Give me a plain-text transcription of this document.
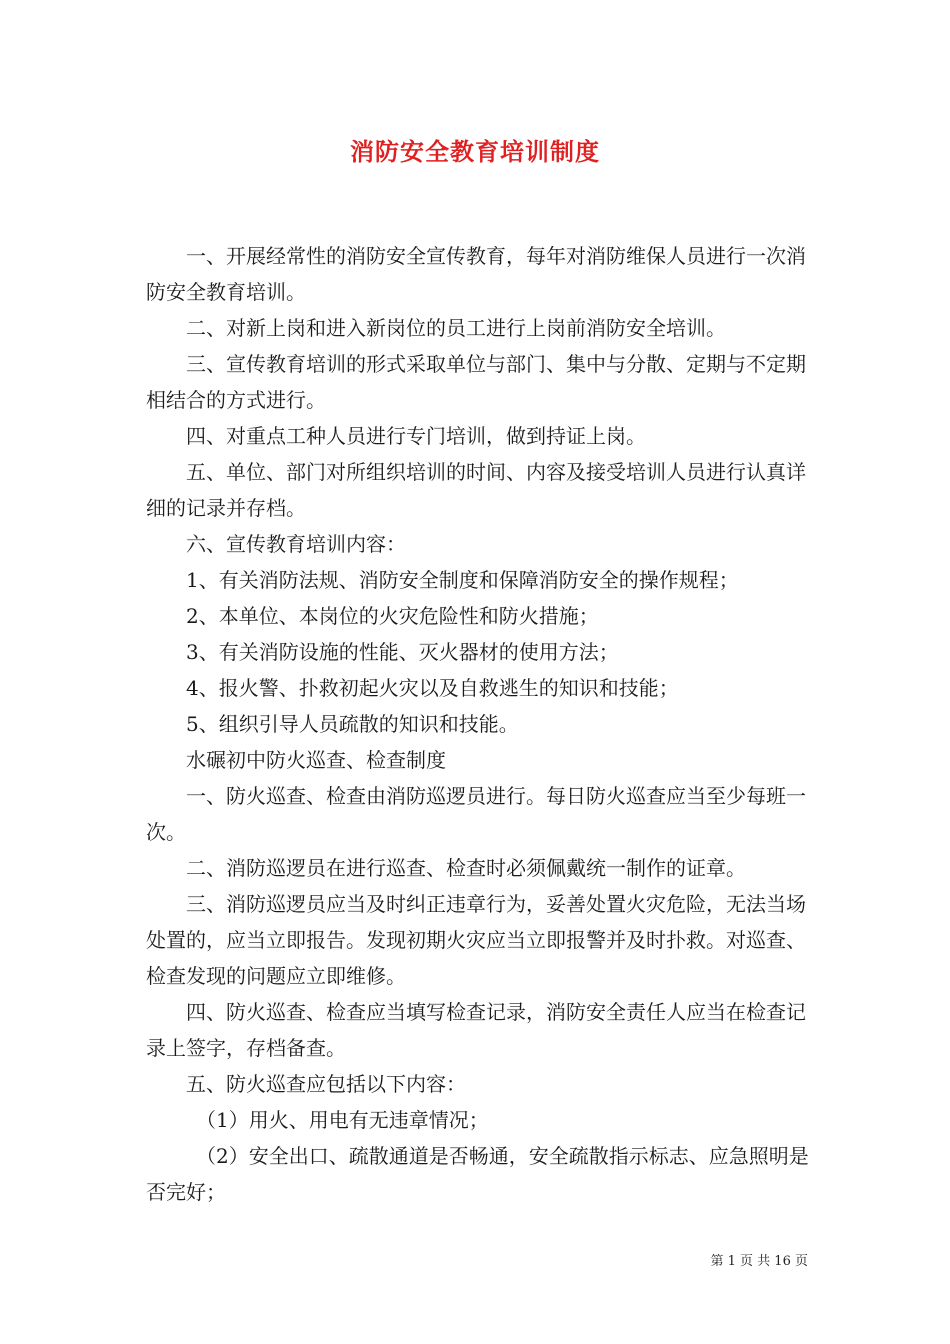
消防安全教育培训制度

一、开展经常性的消防安全宣传教育，每年对消防维保人员进行一次消防安全教育培训。

二、对新上岗和进入新岗位的员工进行上岗前消防安全培训。

三、宣传教育培训的形式采取单位与部门、集中与分散、定期与不定期相结合的方式进行。

四、对重点工种人员进行专门培训，做到持证上岗。

五、单位、部门对所组织培训的时间、内容及接受培训人员进行认真详细的记录并存档。

六、宣传教育培训内容：

1、有关消防法规、消防安全制度和保障消防安全的操作规程；

2、本单位、本岗位的火灾危险性和防火措施；

3、有关消防设施的性能、灭火器材的使用方法；

4、报火警、扑救初起火灾以及自救逃生的知识和技能；

5、组织引导人员疏散的知识和技能。

水碾初中防火巡查、检查制度

一、防火巡查、检查由消防巡逻员进行。每日防火巡查应当至少每班一次。

二、消防巡逻员在进行巡查、检查时必须佩戴统一制作的证章。

三、消防巡逻员应当及时纠正违章行为，妥善处置火灾危险，无法当场处置的，应当立即报告。发现初期火灾应当立即报警并及时扑救。对巡查、检查发现的问题应立即维修。

四、防火巡查、检查应当填写检查记录，消防安全责任人应当在检查记录上签字，存档备查。

五、防火巡查应包括以下内容：

（1）用火、用电有无违章情况；

（2）安全出口、疏散通道是否畅通，安全疏散指示标志、应急照明是否完好；

第 1 页 共 16 页
